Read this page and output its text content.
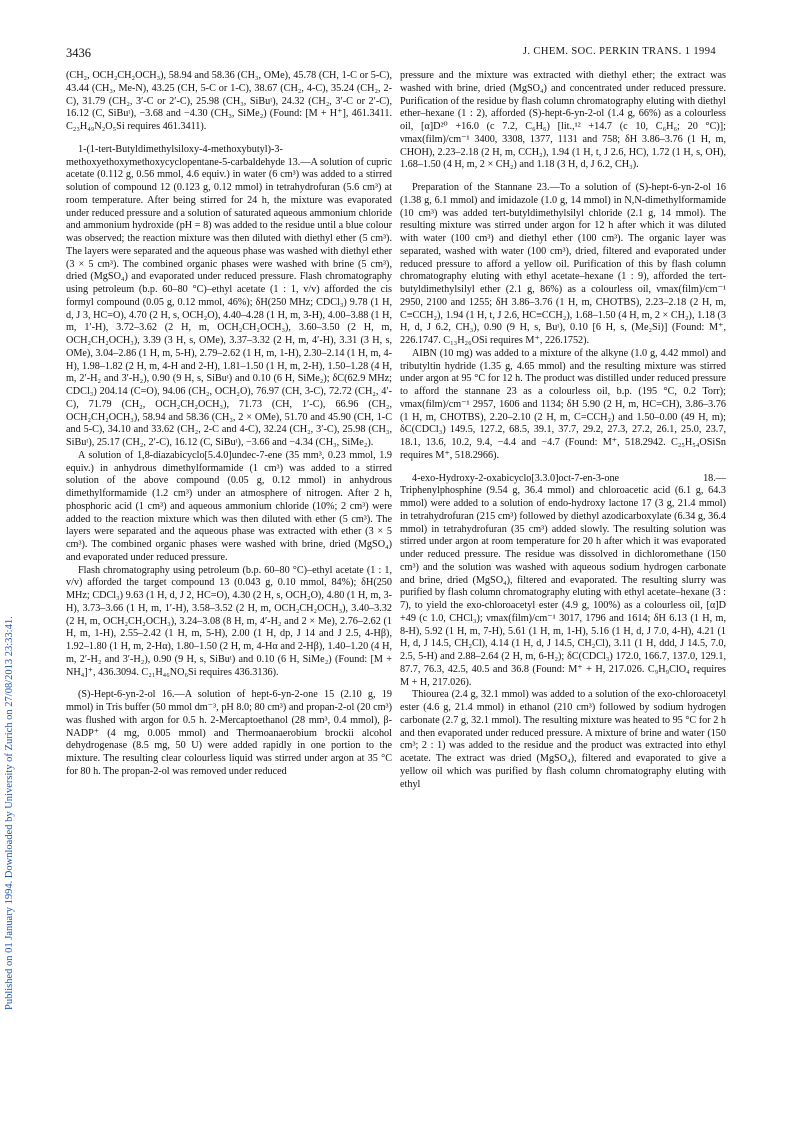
3436	J. CHEM. SOC. PERKIN TRANS. 1 1994
Published on 01 January 1994. Downloaded by University of Zurich on 27/08/2013 23:33:41.

(CH₂, OCH₂CH₂OCH₃), 58.94 and 58.36 (CH₃, OMe), 45.78 (CH, 1-C or 5-C), 43.44 (CH₃, Me-N), 43.25 (CH, 5-C or 1-C), 38.67 (CH₂, 4-C), 35.24 (CH₂, 2-C), 31.79 (CH₂, 3′-C or 2′-C), 25.98 (CH₃, SiBuᵗ), 24.32 (CH₂, 3′-C or 2′-C), 16.12 (C, SiBuᵗ), −3.68 and −4.30 (CH₃, SiMe₂) (Found: [M + H⁺], 461.3411. C₂₃H₄₉N₂O₅Si requires 461.3411).

1-(1-tert-Butyldimethylsiloxy-4-methoxybutyl)-3-methoxyethoxymethoxycyclopentane-5-carbaldehyde 13.—A solution of cupric acetate (0.112 g, 0.56 mmol, 4.6 equiv.) in water (6 cm³) was added to a stirred solution of compound 12 (0.123 g, 0.12 mmol) in tetrahydrofuran (5.6 cm³) at room temperature. After being stirred for 24 h, the mixture was evaporated under reduced pressure and a solution of saturated aqueous ammonium chloride and ammonium hydroxide (pH = 8) was added to the residue until a blue colour was observed; the reaction mixture was then diluted with diethyl ether (5 cm³). The layers were separated and the aqueous phase was washed with diethyl ether (3 × 5 cm³). The combined organic phases were washed with brine (5 cm³), dried (MgSO₄) and evaporated under reduced pressure. Flash chromatography using petroleum (b.p. 60–80 °C)–ethyl acetate (1 : 1, v/v) afforded the cis formyl compound (0.05 g, 0.12 mmol, 46%); δH(250 MHz; CDCl₃) 9.78 (1 H, d, J 3, HC=O), 4.70 (2 H, s, OCH₂O), 4.40–4.28 (1 H, m, 3-H), 4.00–3.88 (1 H, m, 1′-H), 3.72–3.62 (2 H, m, OCH₂CH₂OCH₃), 3.60–3.50 (2 H, m, OCH₂CH₂OCH₃), 3.39 (3 H, s, OMe), 3.37–3.32 (2 H, m, 4′-H), 3.31 (3 H, s, OMe), 3.04–2.86 (1 H, m, 5-H), 2.79–2.62 (1 H, m, 1-H), 2.30–2.14 (1 H, m, 4-H), 1.98–1.82 (2 H, m, 4-H and 2-H), 1.81–1.50 (1 H, m, 2-H), 1.50–1.28 (4 H, m, 2′-H₂ and 3′-H₂), 0.90 (9 H, s, SiBuᵗ) and 0.10 (6 H, SiMe₂); δC(62.9 MHz; CDCl₃) 204.14 (C=O), 94.06 (CH₂, OCH₂O), 76.97 (CH, 3-C), 72.72 (CH₂, 4′-C), 71.79 (CH₂, OCH₂CH₂OCH₃), 71.73 (CH, 1′-C), 66.96 (CH₂, OCH₂CH₂OCH₃), 58.94 and 58.36 (CH₃, 2 × OMe), 51.70 and 45.90 (CH, 1-C and 5-C), 34.10 and 33.62 (CH₂, 2-C and 4-C), 32.24 (CH₂, 3′-C), 25.98 (CH₃, SiBuᵗ), 25.17 (CH₂, 2′-C), 16.12 (C, SiBuᵗ), −3.66 and −4.34 (CH₃, SiMe₂).

A solution of 1,8-diazabicyclo[5.4.0]undec-7-ene (35 mm³, 0.23 mmol, 1.9 equiv.) in anhydrous dimethylformamide (1 cm³) was added to a stirred solution of the above compound (0.05 g, 0.12 mmol) in anhydrous dimethylformamide (1.2 cm³) under an atmosphere of nitrogen. After 2 h, phosphoric acid (1 cm³) and aqueous ammonium chloride (10%; 2 cm³) were added to the reaction mixture which was then diluted with ether (5 cm³). The layers were separated and the aqueous phase was extracted with ether (3 × 5 cm³). The combined organic phases were washed with brine, dried (MgSO₄) and evaporated under reduced pressure.

Flash chromatography using petroleum (b.p. 60–80 °C)–ethyl acetate (1 : 1, v/v) afforded the target compound 13 (0.043 g, 0.10 mmol, 84%); δH(250 MHz; CDCl₃) 9.63 (1 H, d, J 2, HC=O), 4.30 (2 H, s, OCH₂O), 4.80 (1 H, m, 3-H), 3.73–3.66 (1 H, m, 1′-H), 3.58–3.52 (2 H, m, OCH₂CH₂OCH₃), 3.40–3.32 (2 H, m, OCH₂CH₂OCH₃), 3.24–3.08 (8 H, m, 4′-H₂ and 2 × Me), 2.76–2.62 (1 H, m, 1-H), 2.55–2.42 (1 H, m, 5-H), 2.00 (1 H, dp, J 14 and J 2.5, 4-Hβ), 1.92–1.80 (1 H, m, 2-Hα), 1.80–1.50 (2 H, m, 4-Hα and 2-Hβ), 1.40–1.20 (4 H, m, 2′-H₂ and 3′-H₂), 0.90 (9 H, s, SiBuᵗ) and 0.10 (6 H, SiMe₂) (Found: [M + NH₄]⁺, 436.3094. C₂₁H₄₆NO₆Si requires 436.3136).

(S)-Hept-6-yn-2-ol 16.—A solution of hept-6-yn-2-one 15 (2.10 g, 19 mmol) in Tris buffer (50 mmol dm⁻³, pH 8.0; 80 cm³) and propan-2-ol (20 cm³) was flushed with argon for 0.5 h. 2-Mercaptoethanol (28 mm³, 0.4 mmol), β-NADP⁺ (4 mg, 0.005 mmol) and Thermoanaerobium brockii alcohol dehydrogenase (8.5 mg, 50 U) were added rapidly in one portion to the mixture. The resulting clear colourless liquid was stirred under argon at 35 °C for 80 h. The propan-2-ol was removed under reduced

pressure and the mixture was extracted with diethyl ether; the extract was washed with brine, dried (MgSO₄) and concentrated under reduced pressure. Purification of the residue by flash column chromatography eluting with diethyl ether–hexane (1 : 2), afforded (S)-hept-6-yn-2-ol (1.4 g, 66%) as a colourless oil, [α]D²⁰ +16.0 (c 7.2, C₆H₆) [lit.,¹² +14.7 (c 10, C₆H₆; 20 °C)]; νmax(film)/cm⁻¹ 3400, 3308, 1377, 1131 and 758; δH 3.86–3.76 (1 H, m, CHOH), 2.23–2.18 (2 H, m, CCH₂), 1.94 (1 H, t, J 2.6, HC), 1.72 (1 H, s, OH), 1.68–1.50 (4 H, m, 2 × CH₂) and 1.18 (3 H, d, J 6.2, CH₃).

Preparation of the Stannane 23.—To a solution of (S)-hept-6-yn-2-ol 16 (1.38 g, 6.1 mmol) and imidazole (1.0 g, 14 mmol) in N,N-dimethylformamide (10 cm³) was added tert-butyldimethylsilyl chloride (2.1 g, 14 mmol). The resulting mixture was stirred under argon for 12 h after which it was diluted with water (100 cm³) and diethyl ether (100 cm³). The organic layer was separated, washed with water (100 cm³), dried, filtered and evaporated under reduced pressure to afford a yellow oil. Purification of this by flash column chromatography eluting with ethyl acetate–hexane (1 : 9), afforded the tert-butyldimethylsilyl ether (2.1 g, 86%) as a colourless oil, νmax(film)/cm⁻¹ 2950, 2100 and 1255; δH 3.86–3.76 (1 H, m, CHOTBS), 2.23–2.18 (2 H, m, C≡CCH₂), 1.94 (1 H, t, J 2.6, HC≡CCH₂), 1.68–1.50 (4 H, m, 2 × CH₂), 1.18 (3 H, d, J 6.2, CH₃), 0.90 (9 H, s, Buᵗ), 0.10 [6 H, s, (Me₂Si)] (Found: M⁺, 226.1747. C₁₃H₂₆OSi requires M⁺, 226.1752).

AIBN (10 mg) was added to a mixture of the alkyne (1.0 g, 4.42 mmol) and tributyltin hydride (1.35 g, 4.65 mmol) and the resulting mixture was stirred under argon at 95 °C for 12 h. The product was distilled under reduced pressure to afford the stannane 23 as a colourless oil, b.p. (195 °C, 0.2 Torr); νmax(film)/cm⁻¹ 2957, 1606 and 1134; δH 5.90 (2 H, m, HC=CH), 3.86–3.76 (1 H, m, CHOTBS), 2.20–2.10 (2 H, m, C=CCH₂) and 1.50–0.00 (49 H, m); δC(CDCl₃) 149.5, 127.2, 68.5, 39.1, 37.7, 29.2, 27.3, 27.2, 26.1, 25.0, 23.7, 18.1, 13.6, 10.2, 9.4, −4.4 and −4.7 (Found: M⁺, 518.2942. C₂₅H₅₄OSiSn requires M⁺, 518.2966).

4-exo-Hydroxy-2-oxabicyclo[3.3.0]oct-7-en-3-one 18.—Triphenylphosphine (9.54 g, 36.4 mmol) and chloroacetic acid (6.1 g, 64.3 mmol) were added to a solution of endo-hydroxy lactone 17 (3 g, 21.4 mmol) in tetrahydrofuran (215 cm³) followed by diethyl azodicarboxylate (6.34 g, 36.4 mmol) in tetrahydrofuran (35 cm³) added slowly. The resulting solution was stirred under argon at room temperature for 20 h after which it was evaporated under reduced pressure. The residue was dissolved in dichloromethane (150 cm³) and the solution was washed with aqueous sodium hydrogen carbonate and brine, dried (MgSO₄), filtered and evaporated. The resulting slurry was purified by flash column chromatography eluting with ethyl acetate–hexane (3 : 7), to yield the exo-chloroacetyl ester (4.9 g, 100%) as a colourless oil, [α]D +49 (c 1.0, CHCl₃); νmax(film)/cm⁻¹ 3017, 1796 and 1614; δH 6.13 (1 H, m, 8-H), 5.92 (1 H, m, 7-H), 5.61 (1 H, m, 1-H), 5.16 (1 H, d, J 7.0, 4-H), 4.21 (1 H, d, J 14.5, CH₂Cl), 4.14 (1 H, d, J 14.5, CH₂Cl), 3.11 (1 H, ddd, J 14.5, 7.0, 2.5, 5-H) and 2.88–2.64 (2 H, m, 6-H₂); δC(CDCl₃) 172.0, 166.7, 137.0, 129.1, 87.7, 76.3, 42.5, 40.5 and 36.8 (Found: M⁺ + H, 217.026. C₉H₉ClO₄ requires M + H, 217.026).

Thiourea (2.4 g, 32.1 mmol) was added to a solution of the exo-chloroacetyl ester (4.6 g, 21.4 mmol) in ethanol (210 cm³) followed by sodium hydrogen carbonate (2.7 g, 32.1 mmol). The resulting mixture was heated to 95 °C for 2 h and then evaporated under reduced pressure. A mixture of brine and water (150 cm³; 2 : 1) was added to the residue and the product was extracted into ethyl acetate. The extract was dried (MgSO₄), filtered and evaporated to give a yellow oil which was purified by flash column chromatography eluting with ethyl
